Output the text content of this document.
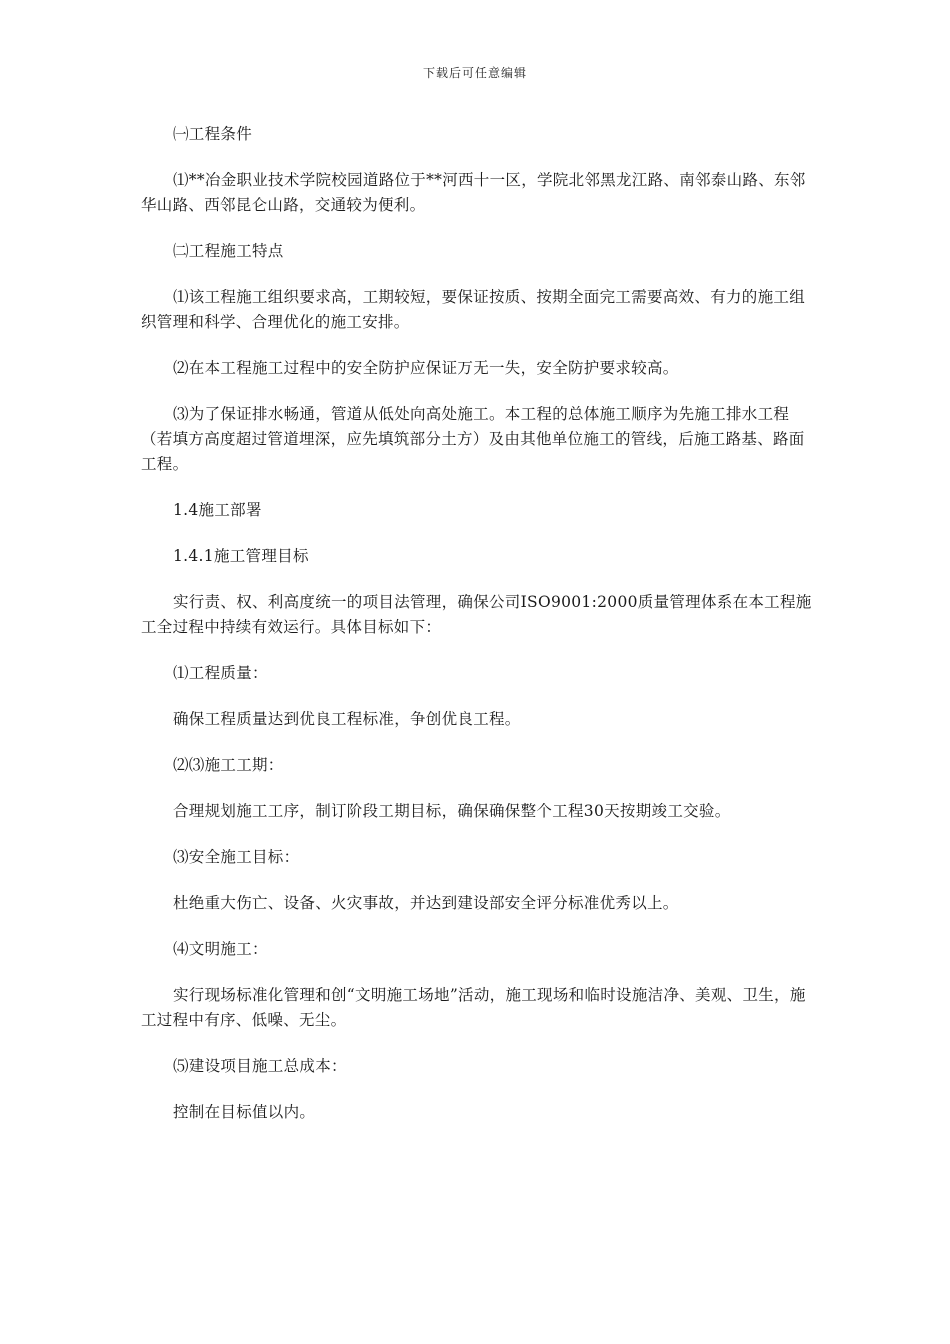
下载后可任意编辑

㈠工程条件

⑴**冶金职业技术学院校园道路位于**河西十一区，学院北邻黑龙江路、南邻泰山路、东邻华山路、西邻昆仑山路，交通较为便利。

㈡工程施工特点

⑴该工程施工组织要求高，工期较短，要保证按质、按期全面完工需要高效、有力的施工组织管理和科学、合理优化的施工安排。

⑵在本工程施工过程中的安全防护应保证万无一失，安全防护要求较高。

⑶为了保证排水畅通，管道从低处向高处施工。本工程的总体施工顺序为先施工排水工程（若填方高度超过管道埋深，应先填筑部分土方）及由其他单位施工的管线，后施工路基、路面工程。

1.4施工部署

1.4.1施工管理目标

实行责、权、利高度统一的项目法管理，确保公司ISO9001:2000质量管理体系在本工程施工全过程中持续有效运行。具体目标如下：

⑴工程质量：

确保工程质量达到优良工程标准，争创优良工程。

⑵⑶施工工期：

合理规划施工工序，制订阶段工期目标，确保确保整个工程30天按期竣工交验。

⑶安全施工目标：

杜绝重大伤亡、设备、火灾事故，并达到建设部安全评分标准优秀以上。

⑷文明施工：

实行现场标准化管理和创“文明施工场地”活动，施工现场和临时设施洁净、美观、卫生，施工过程中有序、低噪、无尘。

⑸建设项目施工总成本：

控制在目标值以内。
